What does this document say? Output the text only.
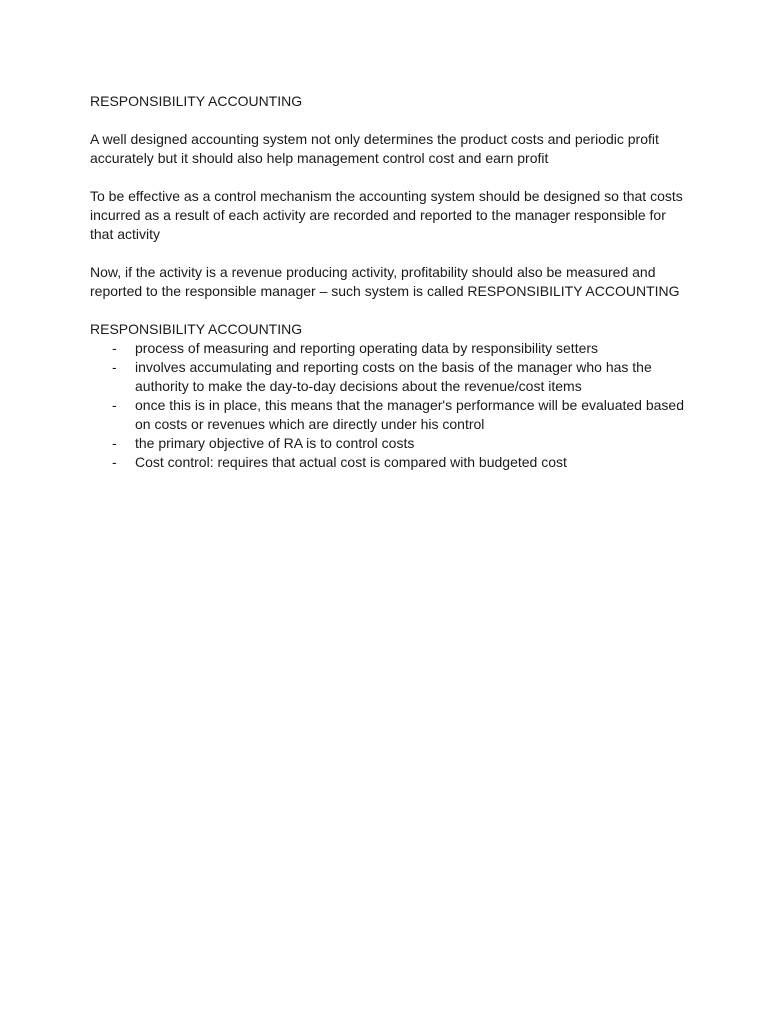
RESPONSIBILITY ACCOUNTING

A well designed accounting system not only determines the product costs and periodic profit accurately but it should also help management control cost and earn profit

To be effective as a control mechanism the accounting system should be designed so that costs incurred as a result of each activity are recorded and reported to the manager responsible for that activity

Now, if the activity is a revenue producing activity, profitability should also be measured and reported to the responsible manager – such system is called RESPONSIBILITY ACCOUNTING

RESPONSIBILITY ACCOUNTING
- process of measuring and reporting operating data by responsibility setters
- involves accumulating and reporting costs on the basis of the manager who has the authority to make the day-to-day decisions about the revenue/cost items
- once this is in place, this means that the manager's performance will be evaluated based on costs or revenues which are directly under his control
- the primary objective of RA is to control costs
- Cost control: requires that actual cost is compared with budgeted cost
